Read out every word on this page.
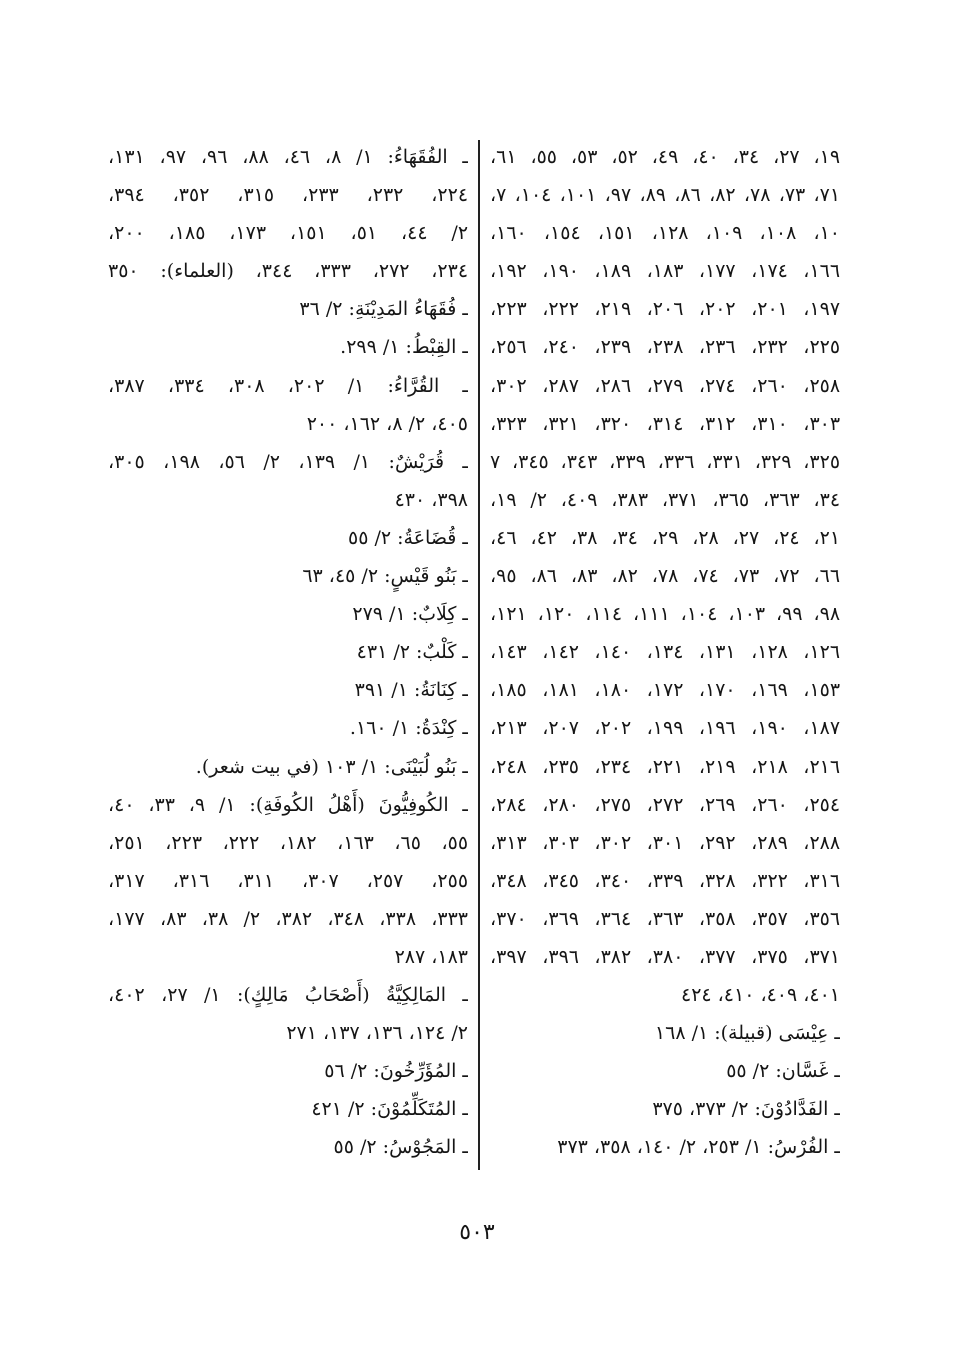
١٩، ٢٧، ٣٤، ٤٠، ٤٩، ٥٢، ٥٣، ٥٥، ٦١،
٧١، ٧٣، ٧٨، ٨٢، ٨٦، ٨٩، ٩٧، ١٠١، ١٠٤، ٧،
١٠، ١٠٨، ١٠٩، ١٢٨، ١٥١، ١٥٤، ١٦٠،
١٦٦، ١٧٤، ١٧٧، ١٨٣، ١٨٩، ١٩٠، ١٩٢،
١٩٧، ٢٠١، ٢٠٢، ٢٠٦، ٢١٩، ٢٢٢، ٢٢٣،
٢٢٥، ٢٣٢، ٢٣٦، ٢٣٨، ٢٣٩، ٢٤٠، ٢٥٦،
٢٥٨، ٢٦٠، ٢٧٤، ٢٧٩، ٢٨٦، ٢٨٧، ٣٠٢،
٣٠٣، ٣١٠، ٣١٢، ٣١٤، ٣٢٠، ٣٢١، ٣٢٣،
٣٢٥، ٣٢٩، ٣٣١، ٣٣٦، ٣٣٩، ٣٤٣، ٣٤٥، ٧
٣٤، ٣٦٣، ٣٦٥، ٣٧١، ٣٨٣، ٤٠٩، ٢/ ١٩،
٢١، ٢٤، ٢٧، ٢٨، ٢٩، ٣٤، ٣٨، ٤٢، ٤٦،
٦٦، ٧٢، ٧٣، ٧٤، ٧٨، ٨٢، ٨٣، ٨٦، ٩٥،
٩٨، ٩٩، ١٠٣، ١٠٤، ١١١، ١١٤، ١٢٠، ١٢١،
١٢٦، ١٢٨، ١٣١، ١٣٤، ١٤٠، ١٤٢، ١٤٣،
١٥٣، ١٦٩، ١٧٠، ١٧٢، ١٨٠، ١٨١، ١٨٥،
١٨٧، ١٩٠، ١٩٦، ١٩٩، ٢٠٢، ٢٠٧، ٢١٣،
٢١٦، ٢١٨، ٢١٩، ٢٢١، ٢٣٤، ٢٣٥، ٢٤٨،
٢٥٤، ٢٦٠، ٢٦٩، ٢٧٢، ٢٧٥، ٢٨٠، ٢٨٤،
٢٨٨، ٢٨٩، ٢٩٢، ٣٠١، ٣٠٢، ٣٠٣، ٣١٣،
٣١٦، ٣٢٢، ٣٢٨، ٣٣٩، ٣٤٠، ٣٤٥، ٣٤٨،
٣٥٦، ٣٥٧، ٣٥٨، ٣٦٣، ٣٦٤، ٣٦٩، ٣٧٠،
٣٧١، ٣٧٥، ٣٧٧، ٣٨٠، ٣٨٢، ٣٩٦، ٣٩٧،
٤٠١، ٤٠٩، ٤١٠، ٤٢٤
ـ عِيْسَى (قبيلة): ١/ ١٦٨
ـ غَسَّان: ٢/ ٥٥
ـ الفَدَّادُوْنَ: ٢/ ٣٧٣، ٣٧٥
ـ الفُرْسُ: ١/ ٢٥٣، ٢/ ١٤٠، ٣٥٨، ٣٧٣
ـ الفُقَهَاءُ: ١/ ٨، ٤٦، ٨٨، ٩٦، ٩٧، ١٣١،
٢٢٤، ٢٣٢، ٢٣٣، ٣١٥، ٣٥٢، ٣٩٤،
٢/ ٤٤، ٥١، ١٥١، ١٧٣، ١٨٥، ٢٠٠،
٢٣٤، ٢٧٢، ٣٣٣، ٣٤٤، (العلماء): ٣٥٠
ـ فُقَهَاءُ المَدِيْنَةِ: ٢/ ٣٦
ـ القِبْطُ: ١/ ٢٩٩.
ـ القُرَّاءُ: ١/ ٢٠٢، ٣٠٨، ٣٣٤، ٣٨٧،
٤٠٥، ٢/ ٨، ١٦٢، ٢٠٠
ـ قُرَيْشٌ: ١/ ١٣٩، ٢/ ٥٦، ١٩٨، ٣٠٥،
٣٩٨، ٤٣٠
ـ قُضَاعَةُ: ٢/ ٥٥
ـ بَنُو قَيْسٍ: ٢/ ٤٥، ٦٣
ـ كِلَابٌ: ١/ ٢٧٩
ـ كَلْبٌ: ٢/ ٤٣١
ـ كِنَانَةُ: ١/ ٣٩١
ـ كِنْدَةُ: ١/ ١٦٠.
ـ بَنُو لُبَيْنَى: ١/ ١٠٣ (في بيت شعر).
ـ الكُوفِيُّونَ (أَهْلُ الكُوفَةِ): ١/ ٩، ٣٣، ٤٠،
٥٥، ٦٥، ١٦٣، ١٨٢، ٢٢٢، ٢٢٣، ٢٥١،
٢٥٥، ٢٥٧، ٣٠٧، ٣١١، ٣١٦، ٣١٧،
٣٣٣، ٣٣٨، ٣٤٨، ٣٨٢، ٢/ ٣٨، ٨٣، ١٧٧،
١٨٣، ٢٨٧
ـ المَالِكِيَّةُ (أَصْحَابُ مَالِكٍ): ١/ ٢٧، ٤٠٢،
٢/ ١٢٤، ١٣٦، ١٣٧، ٢٧١
ـ المُؤَرِّخُونَ: ٢/ ٥٦
ـ المُتَكَلِّمُوْنَ: ٢/ ٤٢١
ـ المَجُوْسُ: ٢/ ٥٥
٥٠٣
